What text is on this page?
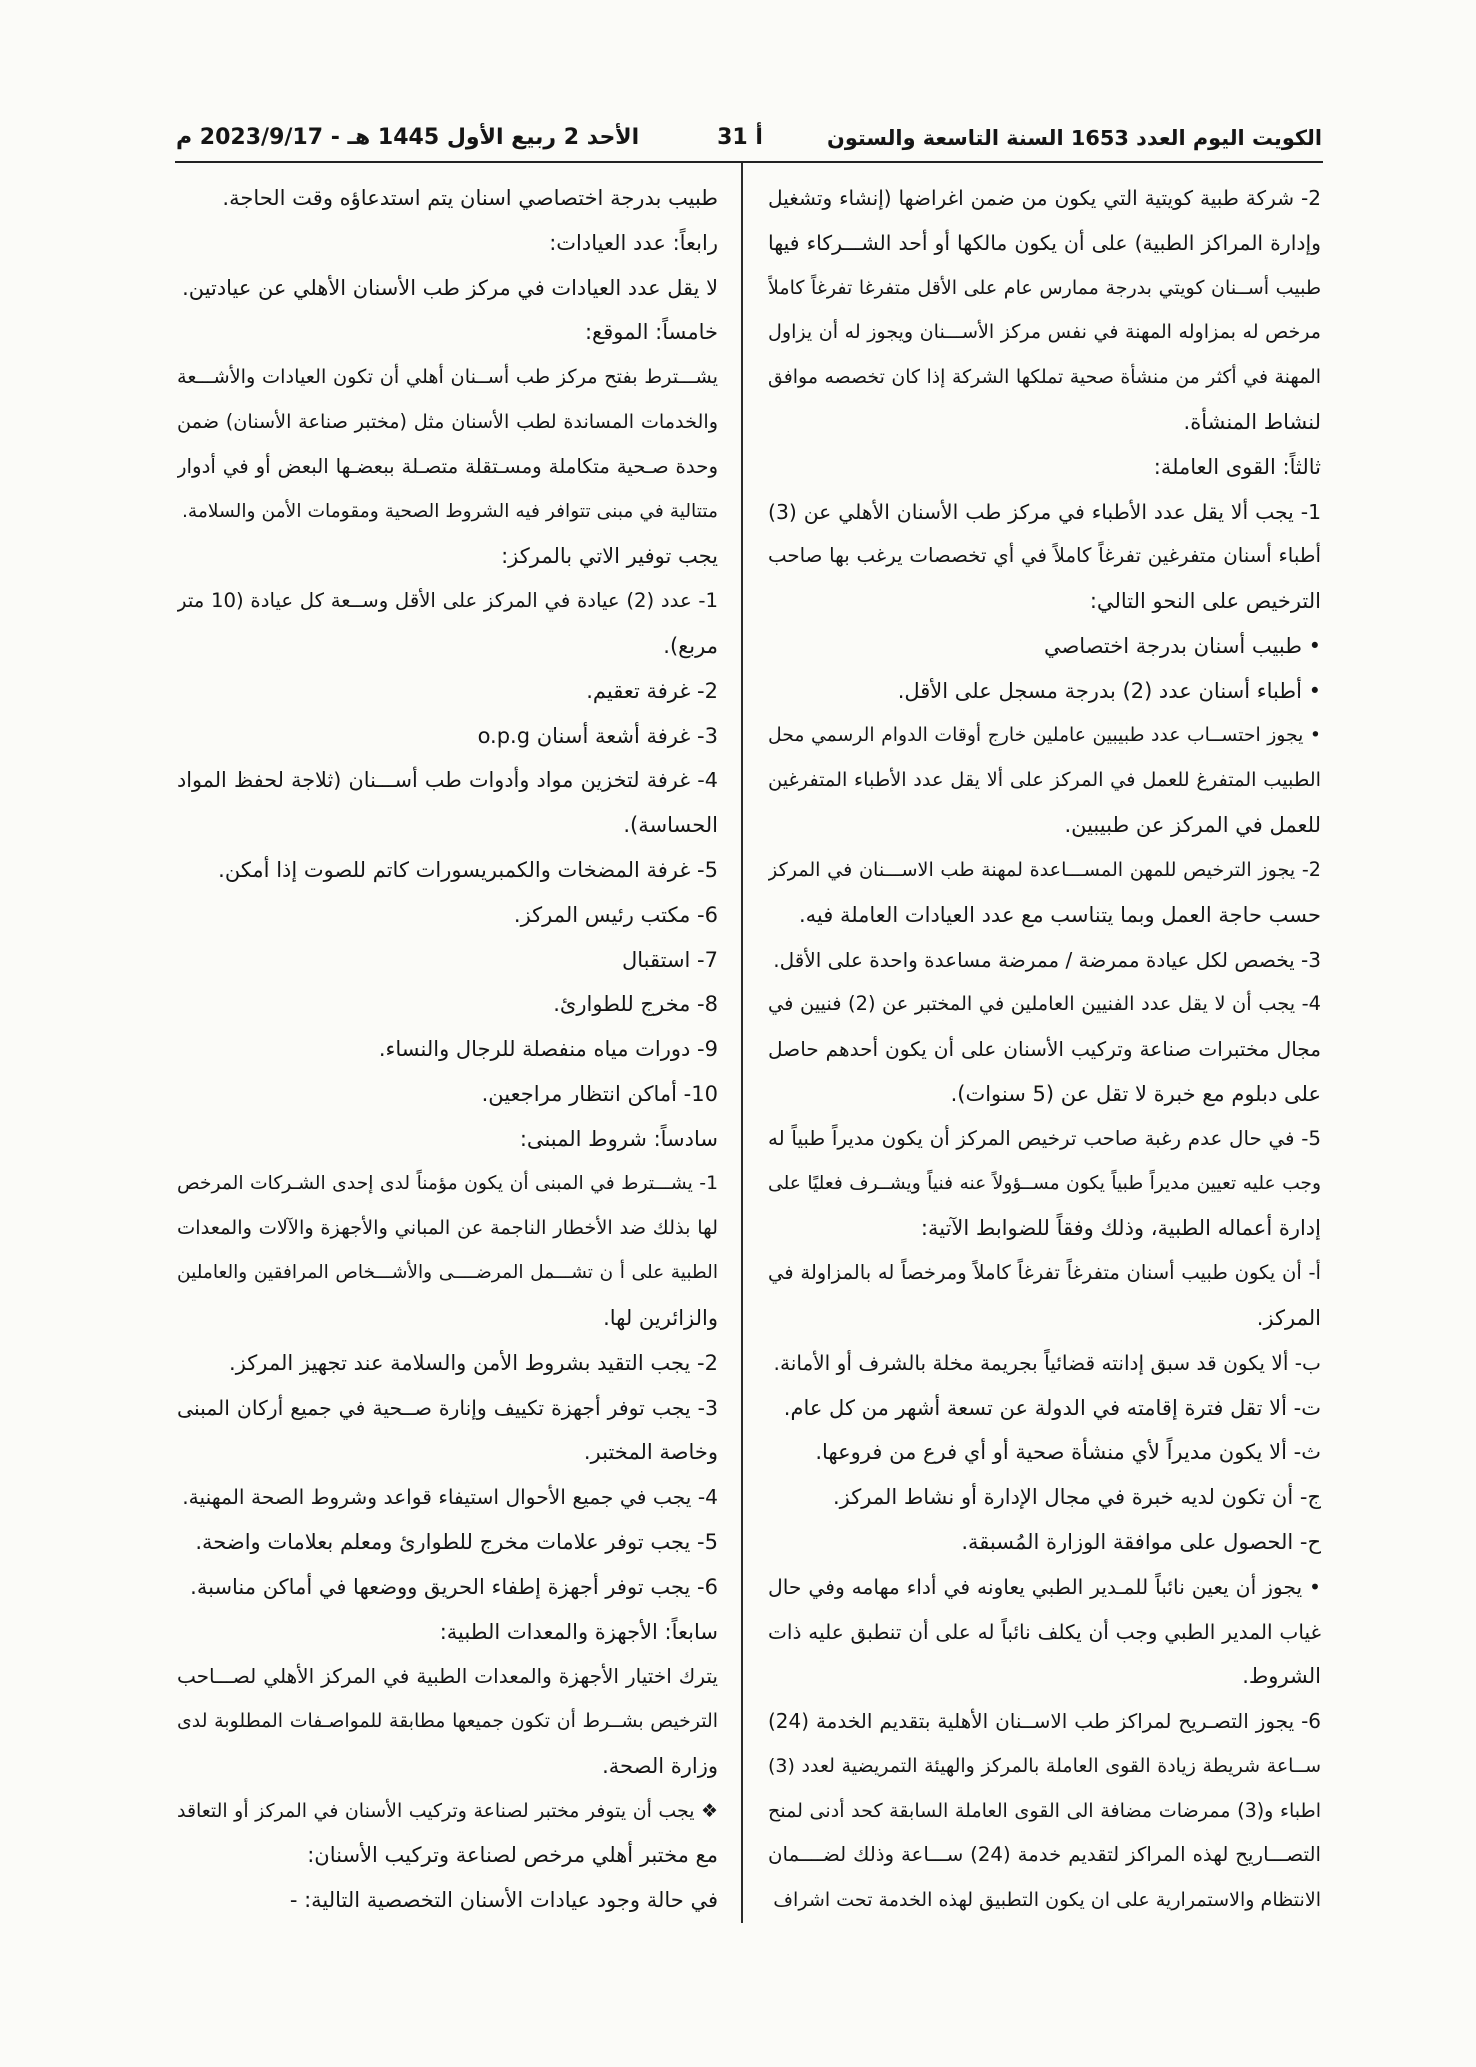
الكويت اليوم العدد 1653 السنة التاسعة والستون
أ 31
الأحد 2 ربيع الأول 1445 هـ - 2023/9/17 م
2- شركة طبية كويتية التي يكون من ضمن اغراضها (إنشاء وتشغيل
وإدارة المراكز الطبية) على أن يكون مالكها أو أحد الشـــركاء فيها
طبيب أســنان كويتي بدرجة ممارس عام على الأقل متفرغا تفرغاً كاملاً
مرخص له بمزاوله المهنة في نفس مركز الأســـنان ويجوز له أن يزاول
المهنة في أكثر من منشأة صحية تملكها الشركة إذا كان تخصصه موافق
لنشاط المنشأة.
ثالثاً: القوى العاملة:
1- يجب ألا يقل عدد الأطباء في مركز طب الأسنان الأهلي عن (3)
أطباء أسنان متفرغين تفرغاً كاملاً في أي تخصصات يرغب بها صاحب
الترخيص على النحو التالي:
• طبيب أسنان بدرجة اختصاصي
• أطباء أسنان عدد (2) بدرجة مسجل على الأقل.
• يجوز احتســاب عدد طبيبين عاملين خارج أوقات الدوام الرسمي محل
الطبيب المتفرغ للعمل في المركز على ألا يقل عدد الأطباء المتفرغين
للعمل في المركز عن طبيبين.
2- يجوز الترخيص للمهن المســـاعدة لمهنة طب الاســـنان في المركز
حسب حاجة العمل وبما يتناسب مع عدد العيادات العاملة فيه.
3- يخصص لكل عيادة ممرضة / ممرضة مساعدة واحدة على الأقل.
4- يجب أن لا يقل عدد الفنيين العاملين في المختبر عن (2) فنيين في
مجال مختبرات صناعة وتركيب الأسنان على أن يكون أحدهم حاصل
على دبلوم مع خبرة لا تقل عن (5 سنوات).
5- في حال عدم رغبة صاحب ترخيص المركز أن يكون مديراً طبياً له
وجب عليه تعيين مديراً طبياً يكون مســؤولاً عنه فنياً ويشــرف فعليًا على
إدارة أعماله الطبية، وذلك وفقاً للضوابط الآتية:
أ- أن يكون طبيب أسنان متفرغاً تفرغاً كاملاً ومرخصاً له بالمزاولة في
المركز.
ب- ألا يكون قد سبق إدانته قضائياً بجريمة مخلة بالشرف أو الأمانة.
ت- ألا تقل فترة إقامته في الدولة عن تسعة أشهر من كل عام.
ث- ألا يكون مديراً لأي منشأة صحية أو أي فرع من فروعها.
ج- أن تكون لديه خبرة في مجال الإدارة أو نشاط المركز.
ح- الحصول على موافقة الوزارة المُسبقة.
• يجوز أن يعين نائباً للمـدير الطبي يعاونه في أداء مهامه وفي حال
غياب المدير الطبي وجب أن يكلف نائباً له على أن تنطبق عليه ذات
الشروط.
6- يجوز التصـريح لمراكز طب الاســنان الأهلية بتقديم الخدمة (24)
ســاعة شريطة زيادة القوى العاملة بالمركز والهيئة التمريضية لعدد (3)
اطباء و(3) ممرضات مضافة الى القوى العاملة السابقة كحد أدنى لمنح
التصـــاريح لهذه المراكز لتقديم خدمة (24) ســـاعة وذلك لضــــمان
الانتظام والاستمرارية على ان يكون التطبيق لهذه الخدمة تحت اشراف
طبيب بدرجة اختصاصي اسنان يتم استدعاؤه وقت الحاجة.
رابعاً: عدد العيادات:
لا يقل عدد العيادات في مركز طب الأسنان الأهلي عن عيادتين.
خامساً: الموقع:
يشـــترط بفتح مركز طب أســنان أهلي أن تكون العيادات والأشـــعة
والخدمات المساندة لطب الأسنان مثل (مختبر صناعة الأسنان) ضمن
وحدة صـحية متكاملة ومسـتقلة متصـلة ببعضـها البعض أو في أدوار
متتالية في مبنى تتوافر فيه الشروط الصحية ومقومات الأمن والسلامة.
يجب توفير الاتي بالمركز:
1- عدد (2) عيادة في المركز على الأقل وســعة كل عيادة (10 متر
مربع).
2- غرفة تعقيم.
3- غرفة أشعة أسنان o.p.g
4- غرفة لتخزين مواد وأدوات طب أســـنان (ثلاجة لحفظ المواد
الحساسة).
5- غرفة المضخات والكمبريسورات كاتم للصوت إذا أمكن.
6- مكتب رئيس المركز.
7- استقبال
8- مخرج للطوارئ.
9- دورات مياه منفصلة للرجال والنساء.
10- أماكن انتظار مراجعين.
سادساً: شروط المبنى:
1- يشـــترط في المبنى أن يكون مؤمناً لدى إحدى الشـركات المرخص
لها بذلك ضد الأخطار الناجمة عن المباني والأجهزة والآلات والمعدات
الطبية على أ ن تشـــمل المرضــــى والأشـــخاص المرافقين والعاملين
والزائرين لها.
2- يجب التقيد بشروط الأمن والسلامة عند تجهيز المركز.
3- يجب توفر أجهزة تكييف وإنارة صــحية في جميع أركان المبنى
وخاصة المختبر.
4- يجب في جميع الأحوال استيفاء قواعد وشروط الصحة المهنية.
5- يجب توفر علامات مخرج للطوارئ ومعلم بعلامات واضحة.
6- يجب توفر أجهزة إطفاء الحريق ووضعها في أماكن مناسبة.
سابعاً: الأجهزة والمعدات الطبية:
يترك اختيار الأجهزة والمعدات الطبية في المركز الأهلي لصـــاحب
الترخيص بشــرط أن تكون جميعها مطابقة للمواصـفات المطلوبة لدى
وزارة الصحة.
❖ يجب أن يتوفر مختبر لصناعة وتركيب الأسنان في المركز أو التعاقد
مع مختبر أهلي مرخص لصناعة وتركيب الأسنان:
في حالة وجود عيادات الأسنان التخصصية التالية: -
